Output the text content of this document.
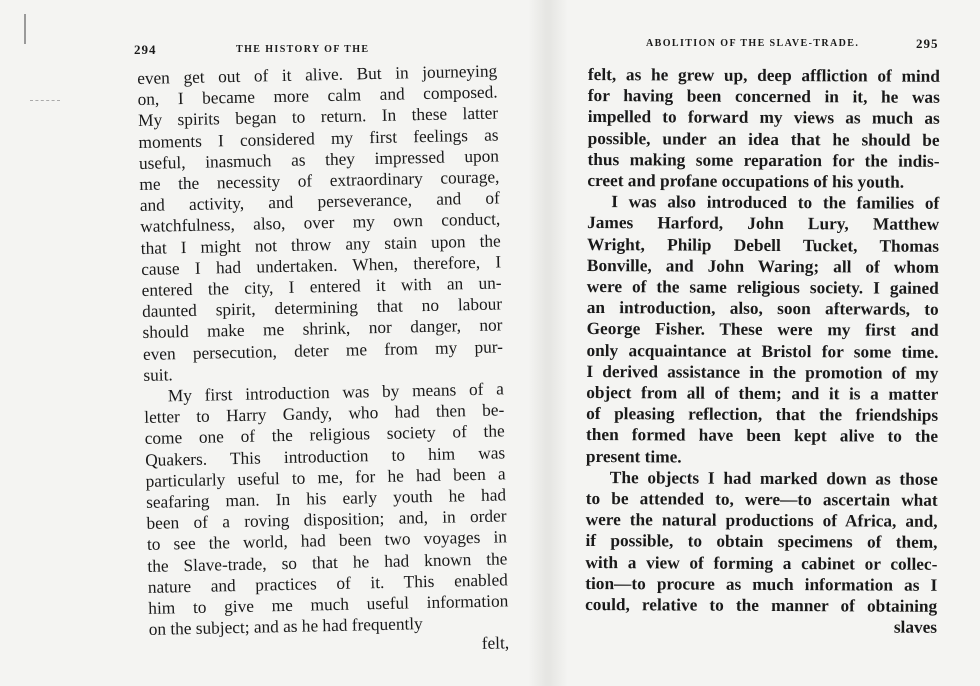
294	THE HISTORY OF THE
even get out of it alive. But in journeying
on, I became more calm and composed.
My spirits began to return. In these latter
moments I considered my first feelings as
useful, inasmuch as they impressed upon
me the necessity of extraordinary courage,
and activity, and perseverance, and of
watchfulness, also, over my own conduct,
that I might not throw any stain upon the
cause I had undertaken. When, therefore, I
entered the city, I entered it with an un-
daunted spirit, determining that no labour
should make me shrink, nor danger, nor
even persecution, deter me from my pur-
suit.
My first introduction was by means of a
letter to Harry Gandy, who had then be-
come one of the religious society of the
Quakers. This introduction to him was
particularly useful to me, for he had been a
seafaring man. In his early youth he had
been of a roving disposition; and, in order
to see the world, had been two voyages in
the Slave-trade, so that he had known the
nature and practices of it. This enabled
him to give me much useful information
on the subject; and as he had frequently
felt,
ABOLITION OF THE SLAVE-TRADE.	295
felt, as he grew up, deep affliction of mind
for having been concerned in it, he was
impelled to forward my views as much as
possible, under an idea that he should be
thus making some reparation for the indis-
creet and profane occupations of his youth.
I was also introduced to the families of
James Harford, John Lury, Matthew
Wright, Philip Debell Tucket, Thomas
Bonville, and John Waring; all of whom
were of the same religious society. I gained
an introduction, also, soon afterwards, to
George Fisher. These were my first and
only acquaintance at Bristol for some time.
I derived assistance in the promotion of my
object from all of them; and it is a matter
of pleasing reflection, that the friendships
then formed have been kept alive to the
present time.
The objects I had marked down as those
to be attended to, were—to ascertain what
were the natural productions of Africa, and,
if possible, to obtain specimens of them,
with a view of forming a cabinet or collec-
tion—to procure as much information as I
could, relative to the manner of obtaining
slaves
